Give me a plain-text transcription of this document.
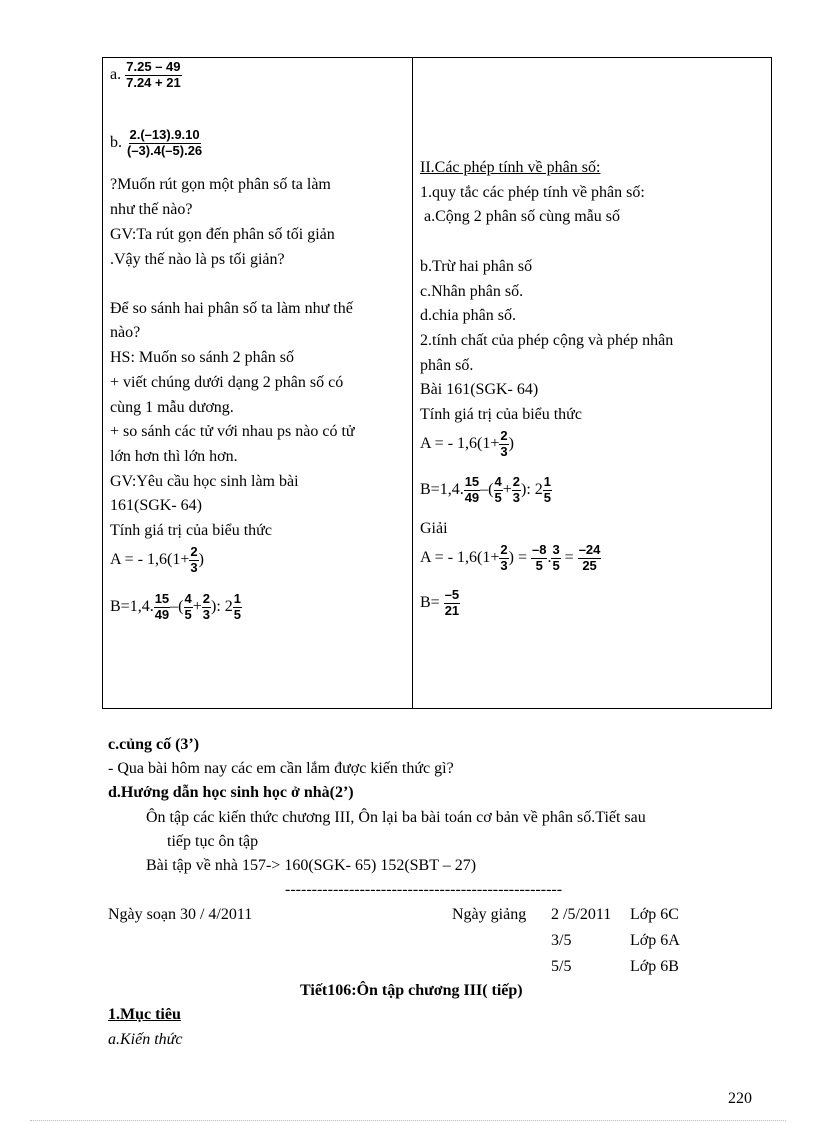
a. $\frac{7.25 - 49}{7.24 + 21}$
b. $\frac{2.(-13).9.10}{(-3).4(-5).26}$
?Muốn rút gọn một phân số ta làm
như thế nào?
GV:Ta rút gọn đến phân số tối giản
.Vậy thế nào là ps tối giản?
Để so sánh hai phân số ta làm như thế
nào?
HS: Muốn so sánh 2 phân số
+ viết chúng dưới dạng 2 phân số có
cùng 1 mẫu dương.
+ so sánh các tử với nhau ps nào có tử
lớn hơn thì lớn hơn.
GV:Yêu cầu học sinh làm bài
161(SGK- 64)
Tính giá trị của biểu thức
A = - $1,6(1+ \frac{2}{3}$ )
B=1,4. $\frac{15}{49}$ –( $\frac{4}{5} + \frac{2}{3}$ ): $2 \frac{1}{5}$
II.Các phép tính về phân số:
1.quy tắc các phép tính về phân số:
a.Cộng 2 phân số cùng mẫu số
b.Trừ hai phân số
c.Nhân phân số.
d.chia phân số.
2.tính chất của phép cộng và phép nhân
phân số.
Bài 161(SGK- 64)
Tính giá trị của biểu thức
A = - $1,6(1+ \frac{2}{3}$ )
B=1,4. $\frac{15}{49}$ –( $\frac{4}{5} + \frac{2}{3}$ ): $2 \frac{1}{5}$
Giải
A = - $1,6(1+ \frac{2}{3}$ ) = $\frac{-8}{5}$ . $\frac{3}{5} = \frac{-24}{25}$
$B= \frac{-5}{21}$
c.củng cố (3’)
- Qua bài hôm nay các em cần lắm được kiến thức gì?
d.Hướng dẫn học sinh học ở nhà(2’)
Ôn tập các kiến thức chương III, Ôn lại ba bài toán cơ bản về phân số.Tiết sau
tiếp tục ôn tập
Bài tập về nhà 157-> 160(SGK- 65) 152(SBT – 27)
----------------------------------------------------
Ngày soạn 30 / 4/2011	Ngày giảng 2 /5/2011 Lớp 6C
3/5	Lớp 6A
5/5	Lớp 6B
Tiết106:Ôn tập chương III( tiếp)
1.Mục tiêu
a.Kiến thức
220
